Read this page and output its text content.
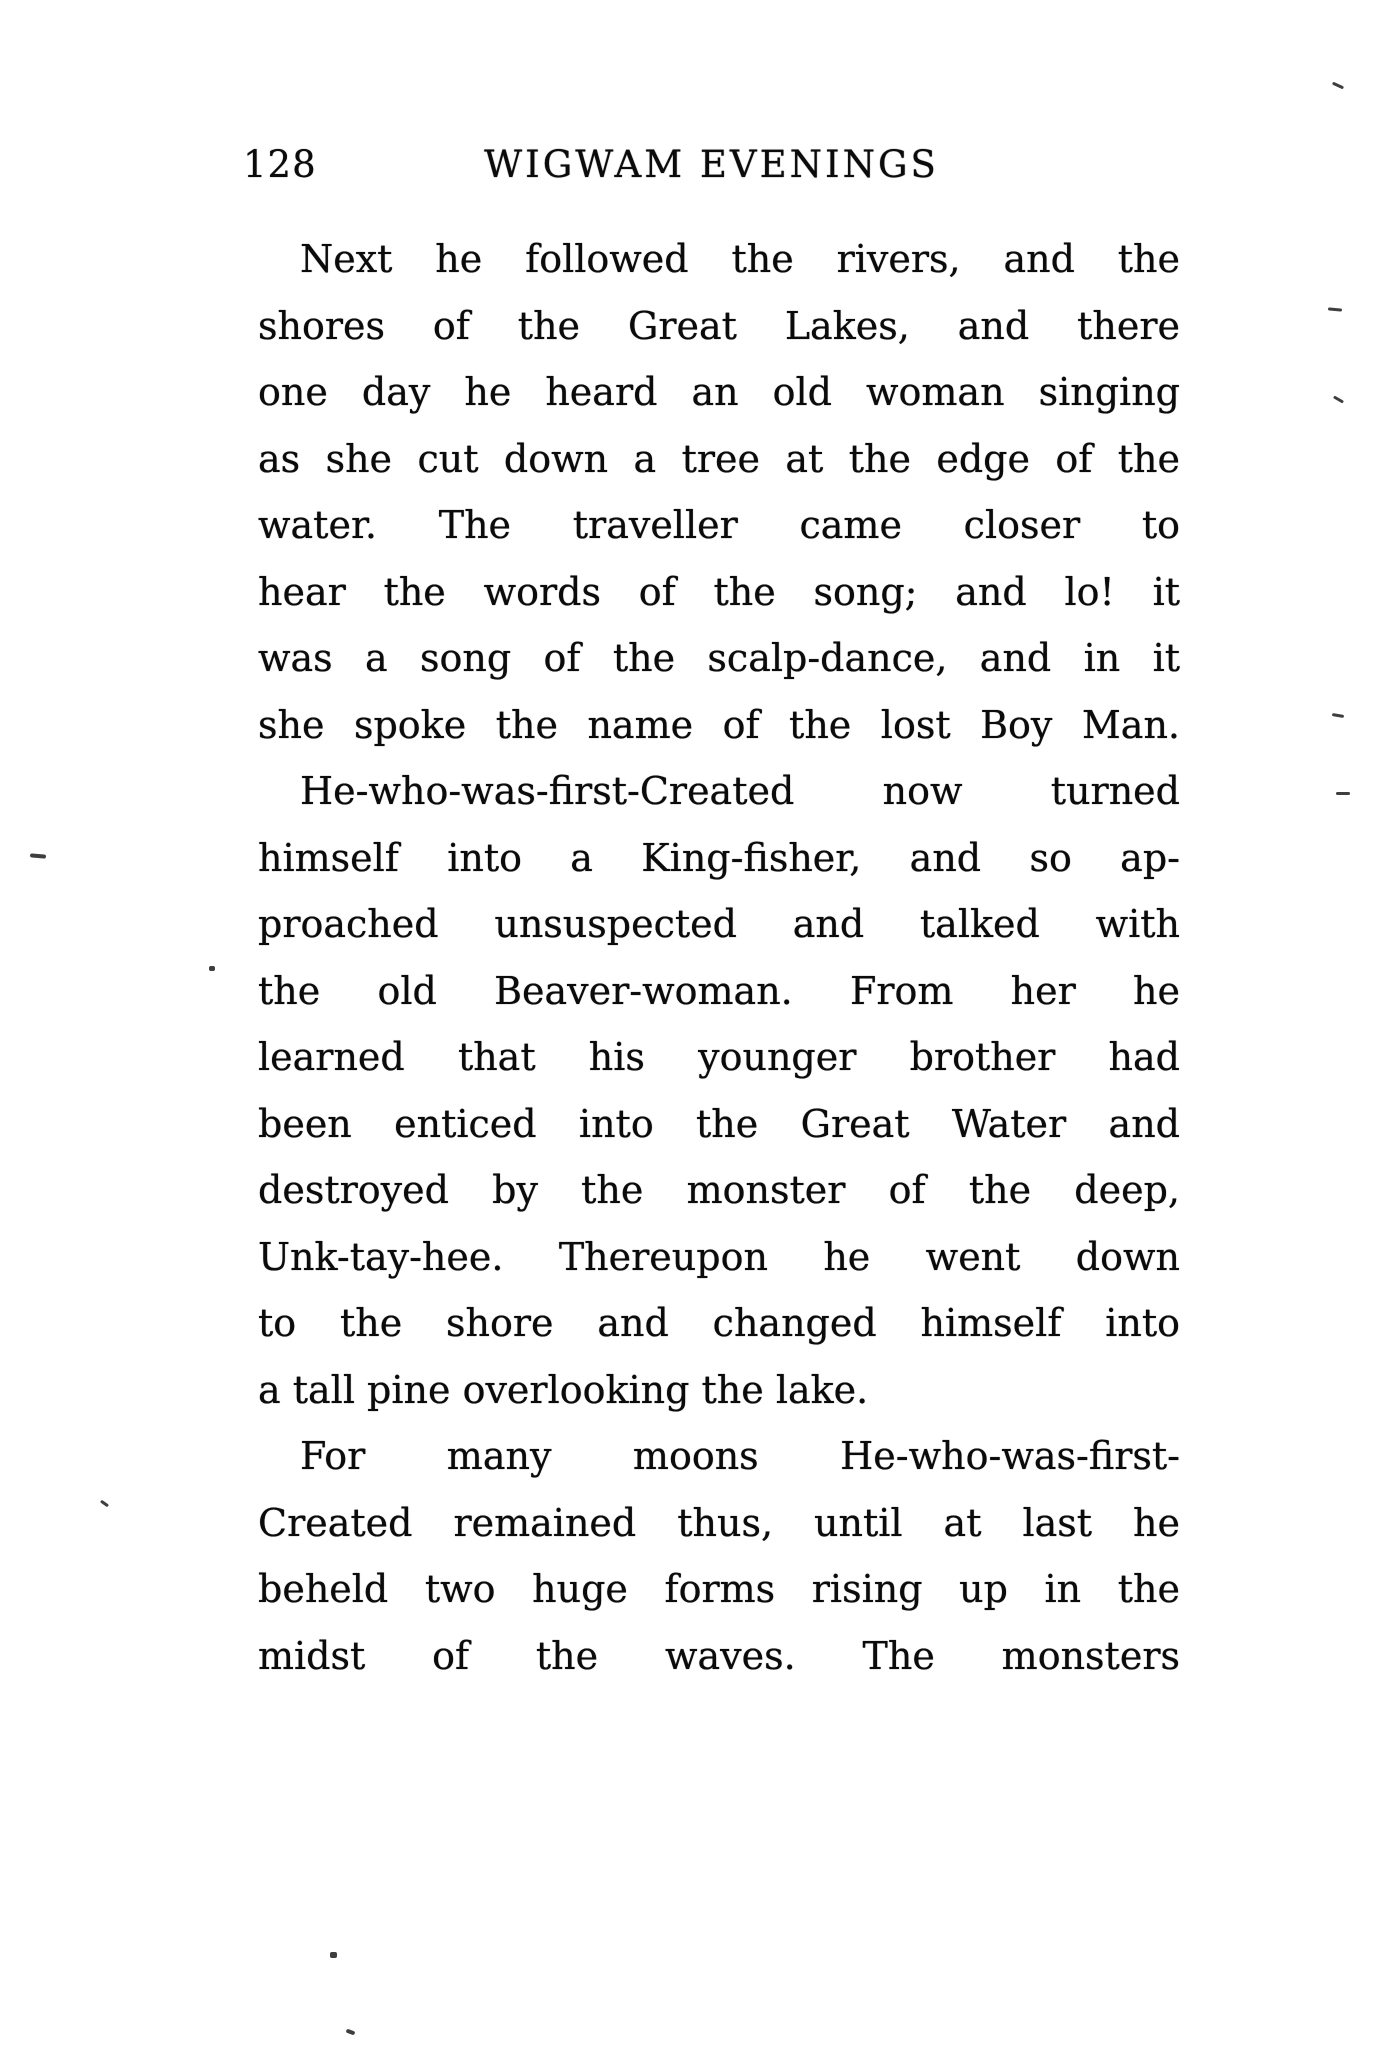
128	WIGWAM EVENINGS
Next he followed the rivers, and the
shores of the Great Lakes, and there
one day he heard an old woman singing
as she cut down a tree at the edge of the
water. The traveller came closer to
hear the words of the song; and lo! it
was a song of the scalp-dance, and in it
she spoke the name of the lost Boy Man.
He-who-was-first-Created now turned
himself into a King-fisher, and so ap-
proached unsuspected and talked with
the old Beaver-woman. From her he
learned that his younger brother had
been enticed into the Great Water and
destroyed by the monster of the deep,
Unk-tay-hee. Thereupon he went down
to the shore and changed himself into
a tall pine overlooking the lake.
For many moons He-who-was-first-
Created remained thus, until at last he
beheld two huge forms rising up in the
midst of the waves. The monsters
